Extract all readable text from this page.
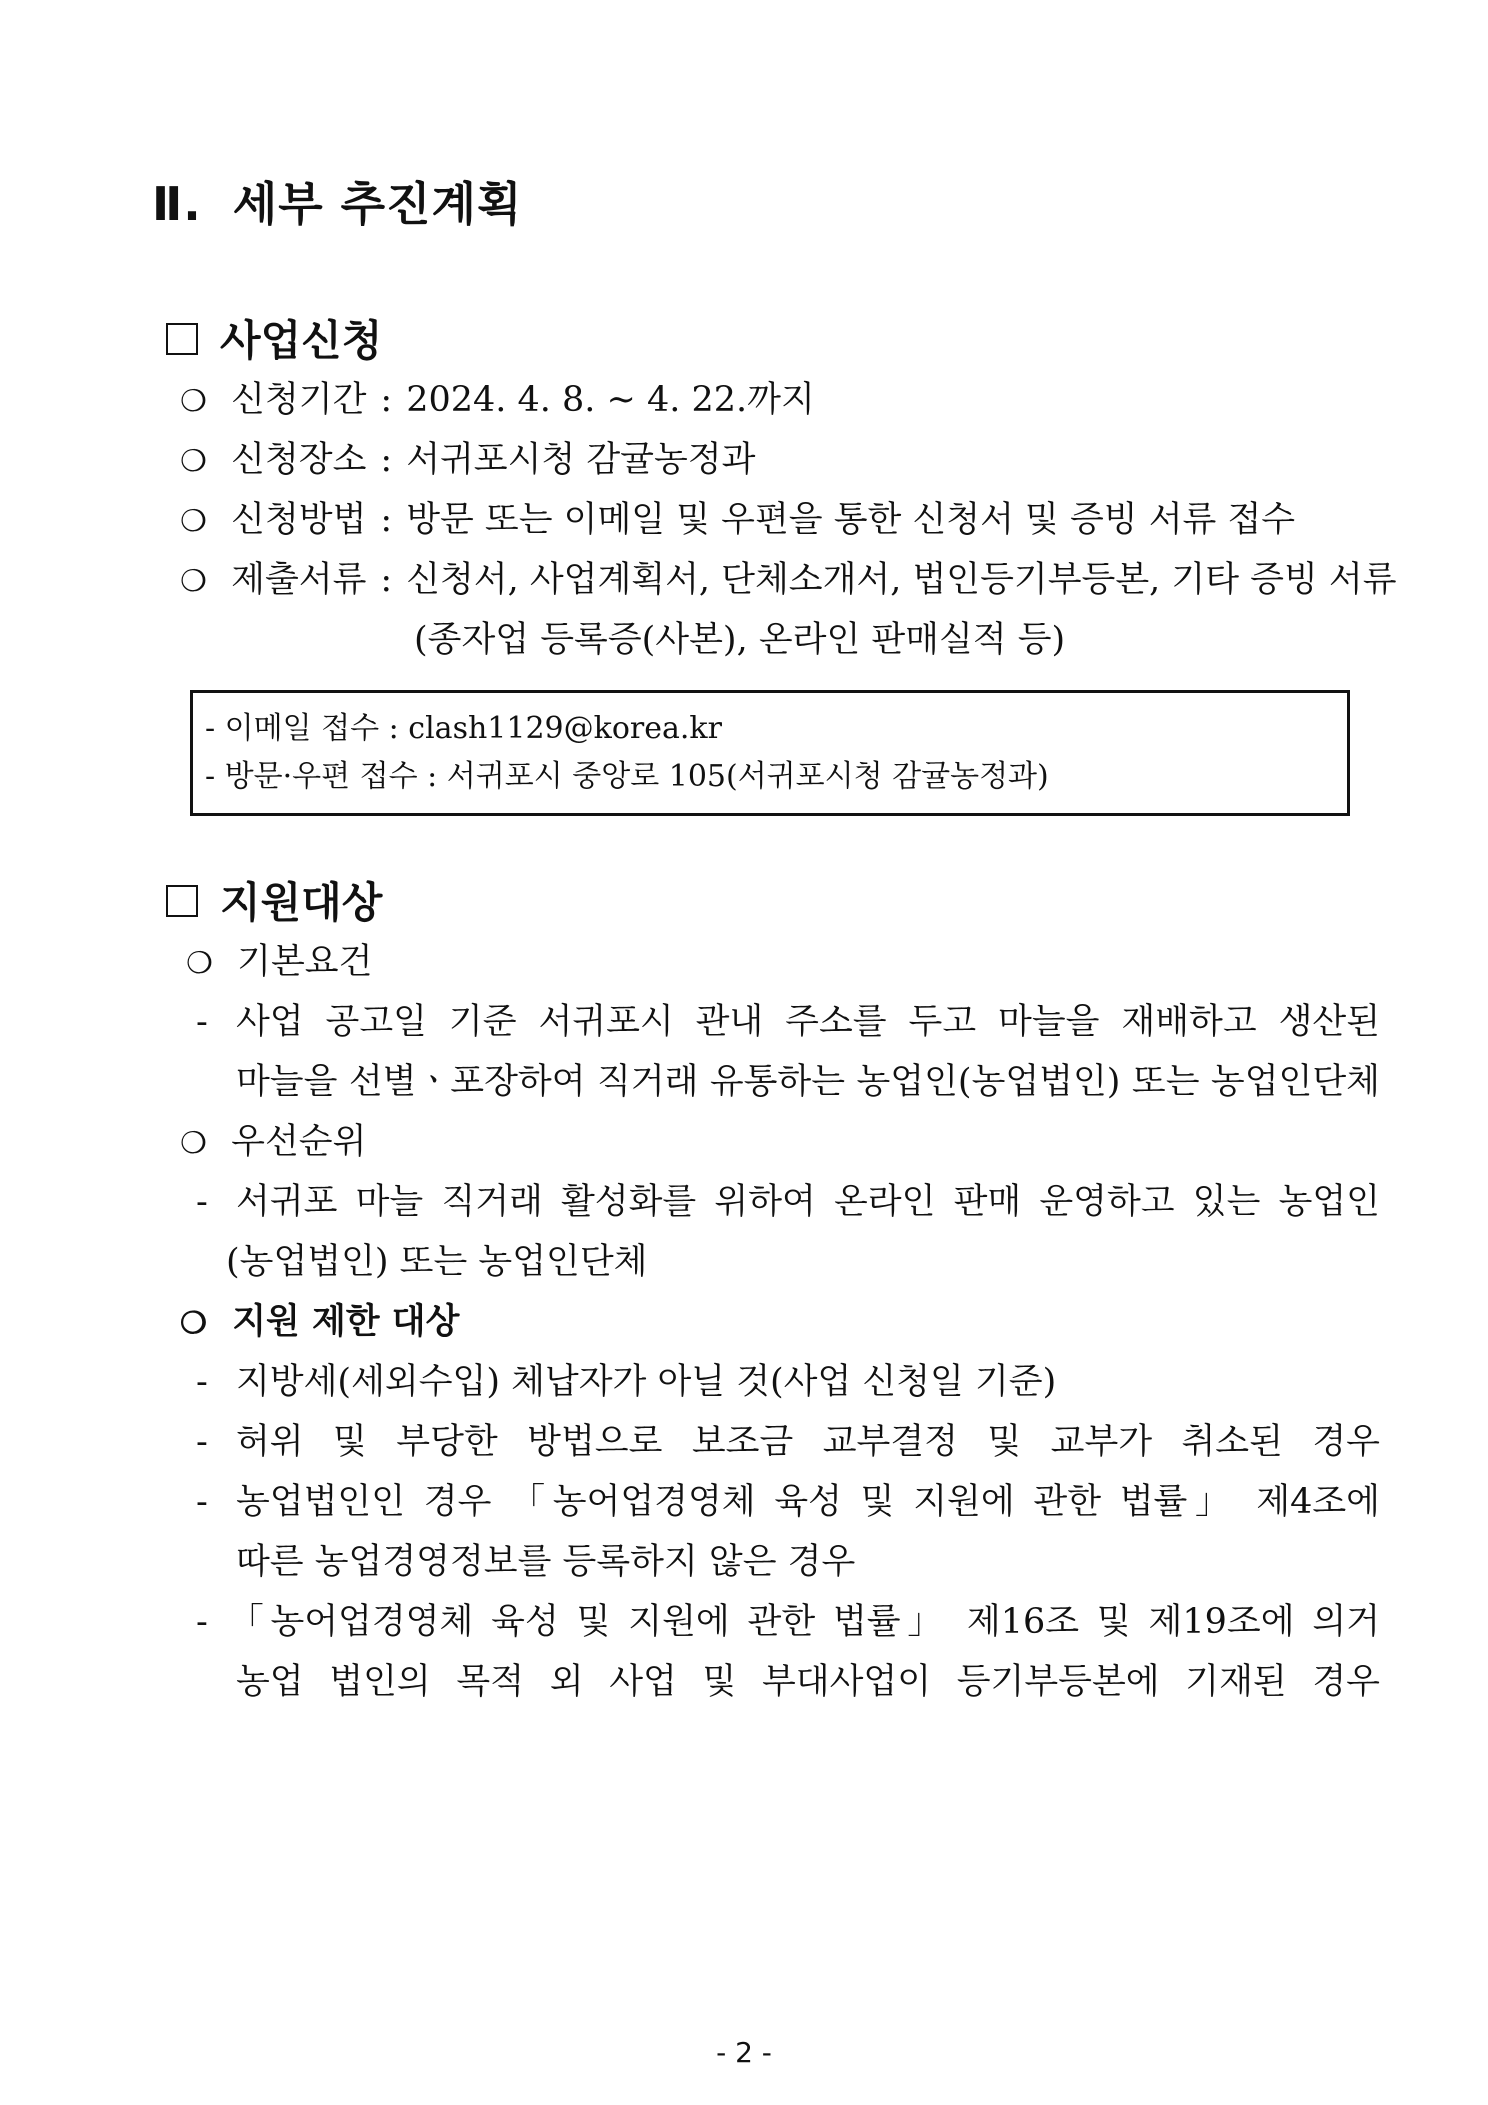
Ⅱ. 세부 추진계획
사업신청
❍ 신청기간 : 2024. 4. 8. ~ 4. 22.까지
❍ 신청장소 : 서귀포시청 감귤농정과
❍ 신청방법 : 방문 또는 이메일 및 우편을 통한 신청서 및 증빙 서류 접수
❍ 제출서류 : 신청서, 사업계획서, 단체소개서, 법인등기부등본, 기타 증빙 서류
(종자업 등록증(사본), 온라인 판매실적 등)
- 이메일 접수 : clash1129@korea.kr
- 방문·우편 접수 : 서귀포시 중앙로 105(서귀포시청 감귤농정과)
지원대상
❍ 기본요건
- 사업 공고일 기준 서귀포시 관내 주소를 두고 마늘을 재배하고 생산된
마늘을 선별ㆍ포장하여 직거래 유통하는 농업인(농업법인) 또는 농업인단체
❍ 우선순위
- 서귀포 마늘 직거래 활성화를 위하여 온라인 판매 운영하고 있는 농업인
(농업법인) 또는 농업인단체
❍ 지원 제한 대상
- 지방세(세외수입) 체납자가 아닐 것(사업 신청일 기준)
- 허위 및 부당한 방법으로 보조금 교부결정 및 교부가 취소된 경우
- 농업법인인 경우 「농어업경영체 육성 및 지원에 관한 법률」 제4조에
따른 농업경영정보를 등록하지 않은 경우
- 「농어업경영체 육성 및 지원에 관한 법률」 제16조 및 제19조에 의거
농업 법인의 목적 외 사업 및 부대사업이 등기부등본에 기재된 경우
- 2 -
